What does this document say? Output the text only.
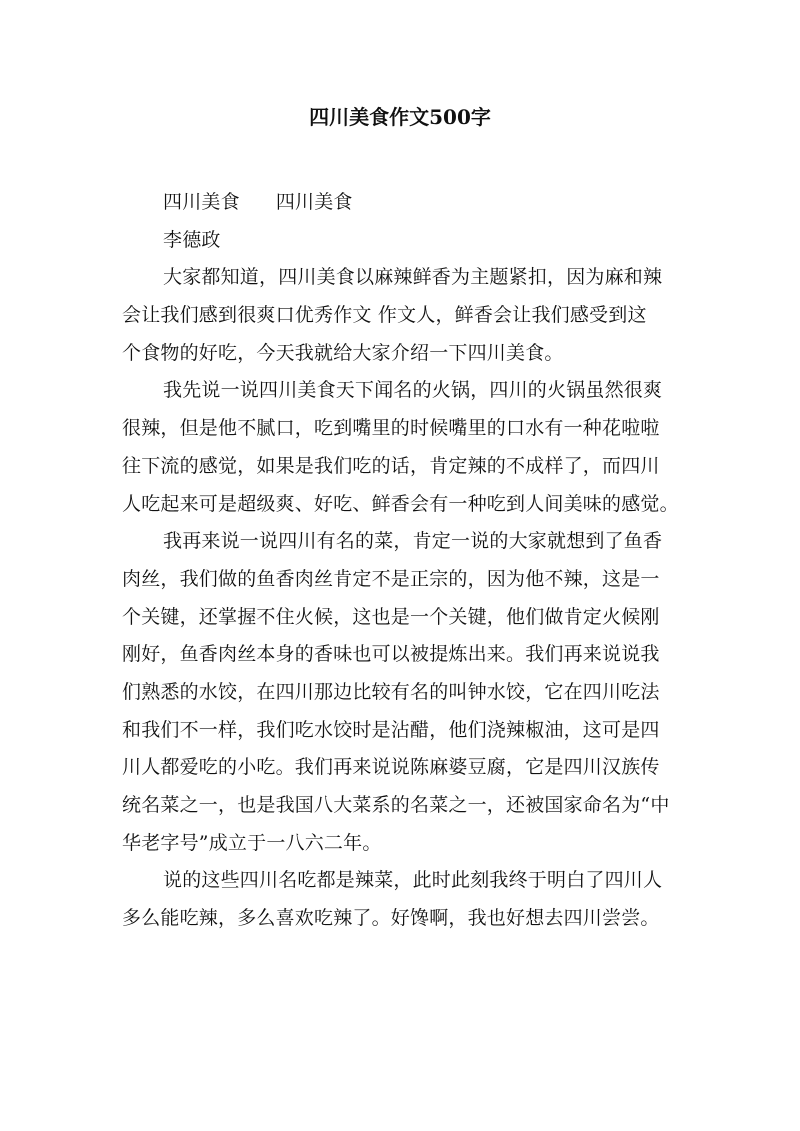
四川美食作文500字
四川美食 四川美食
李德政
大家都知道，四川美食以麻辣鲜香为主题紧扣，因为麻和辣
会让我们感到很爽口优秀作文 作文人，鲜香会让我们感受到这
个食物的好吃，今天我就给大家介绍一下四川美食。
我先说一说四川美食天下闻名的火锅，四川的火锅虽然很爽
很辣，但是他不腻口，吃到嘴里的时候嘴里的口水有一种花啦啦
往下流的感觉，如果是我们吃的话，肯定辣的不成样了，而四川
人吃起来可是超级爽、好吃、鲜香会有一种吃到人间美味的感觉。
我再来说一说四川有名的菜，肯定一说的大家就想到了鱼香
肉丝，我们做的鱼香肉丝肯定不是正宗的，因为他不辣，这是一
个关键，还掌握不住火候，这也是一个关键，他们做肯定火候刚
刚好，鱼香肉丝本身的香味也可以被提炼出来。我们再来说说我
们熟悉的水饺，在四川那边比较有名的叫钟水饺，它在四川吃法
和我们不一样，我们吃水饺时是沾醋，他们浇辣椒油，这可是四
川人都爱吃的小吃。我们再来说说陈麻婆豆腐，它是四川汉族传
统名菜之一，也是我国八大菜系的名菜之一，还被国家命名为“中
华老字号”成立于一八六二年。
说的这些四川名吃都是辣菜，此时此刻我终于明白了四川人
多么能吃辣，多么喜欢吃辣了。好馋啊，我也好想去四川尝尝。
